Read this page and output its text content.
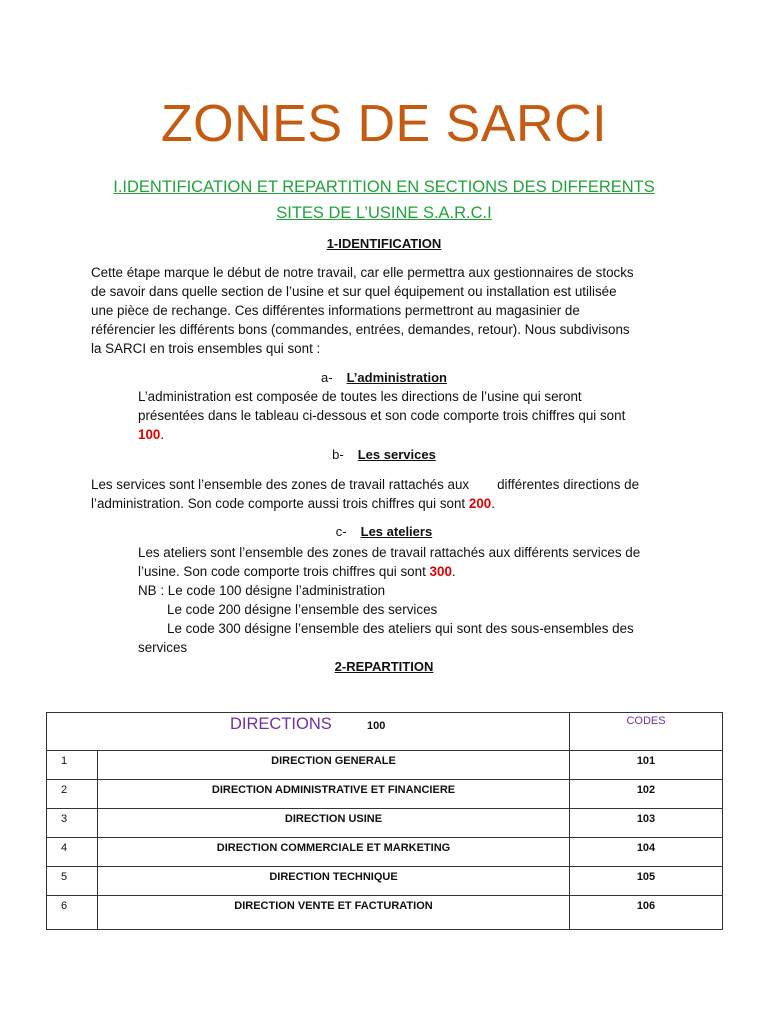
ZONES DE SARCI
I.IDENTIFICATION ET REPARTITION EN SECTIONS DES DIFFERENTS
SITES DE L’USINE S.A.R.C.I
1-IDENTIFICATION
Cette étape marque le début de notre travail, car elle permettra aux gestionnaires de stocks
de savoir dans quelle section de l’usine et sur quel équipement ou installation est utilisée
une pièce de rechange. Ces différentes informations permettront au magasinier de
référencier les différents bons (commandes, entrées, demandes, retour). Nous subdivisons
la SARCI en trois ensembles qui sont :
a- L’administration
L’administration est composée de toutes les directions de l’usine qui seront
présentées dans le tableau ci-dessous et son code comporte trois chiffres qui sont
100.
b- Les services
Les services sont l’ensemble des zones de travail rattachés aux différentes directions de
l’administration. Son code comporte aussi trois chiffres qui sont 200.
c- Les ateliers
Les ateliers sont l’ensemble des zones de travail rattachés aux différents services de
l’usine. Son code comporte trois chiffres qui sont 300.
NB : Le code 100 désigne l’administration
Le code 200 désigne l’ensemble des services
Le code 300 désigne l’ensemble des ateliers qui sont des sous-ensembles des
services
2-REPARTITION
DIRECTIONS 100		CODES
1	DIRECTION GENERALE	101
2	DIRECTION ADMINISTRATIVE ET FINANCIERE	102
3	DIRECTION USINE	103
4	DIRECTION COMMERCIALE ET MARKETING	104
5	DIRECTION TECHNIQUE	105
6	DIRECTION VENTE ET FACTURATION	106
